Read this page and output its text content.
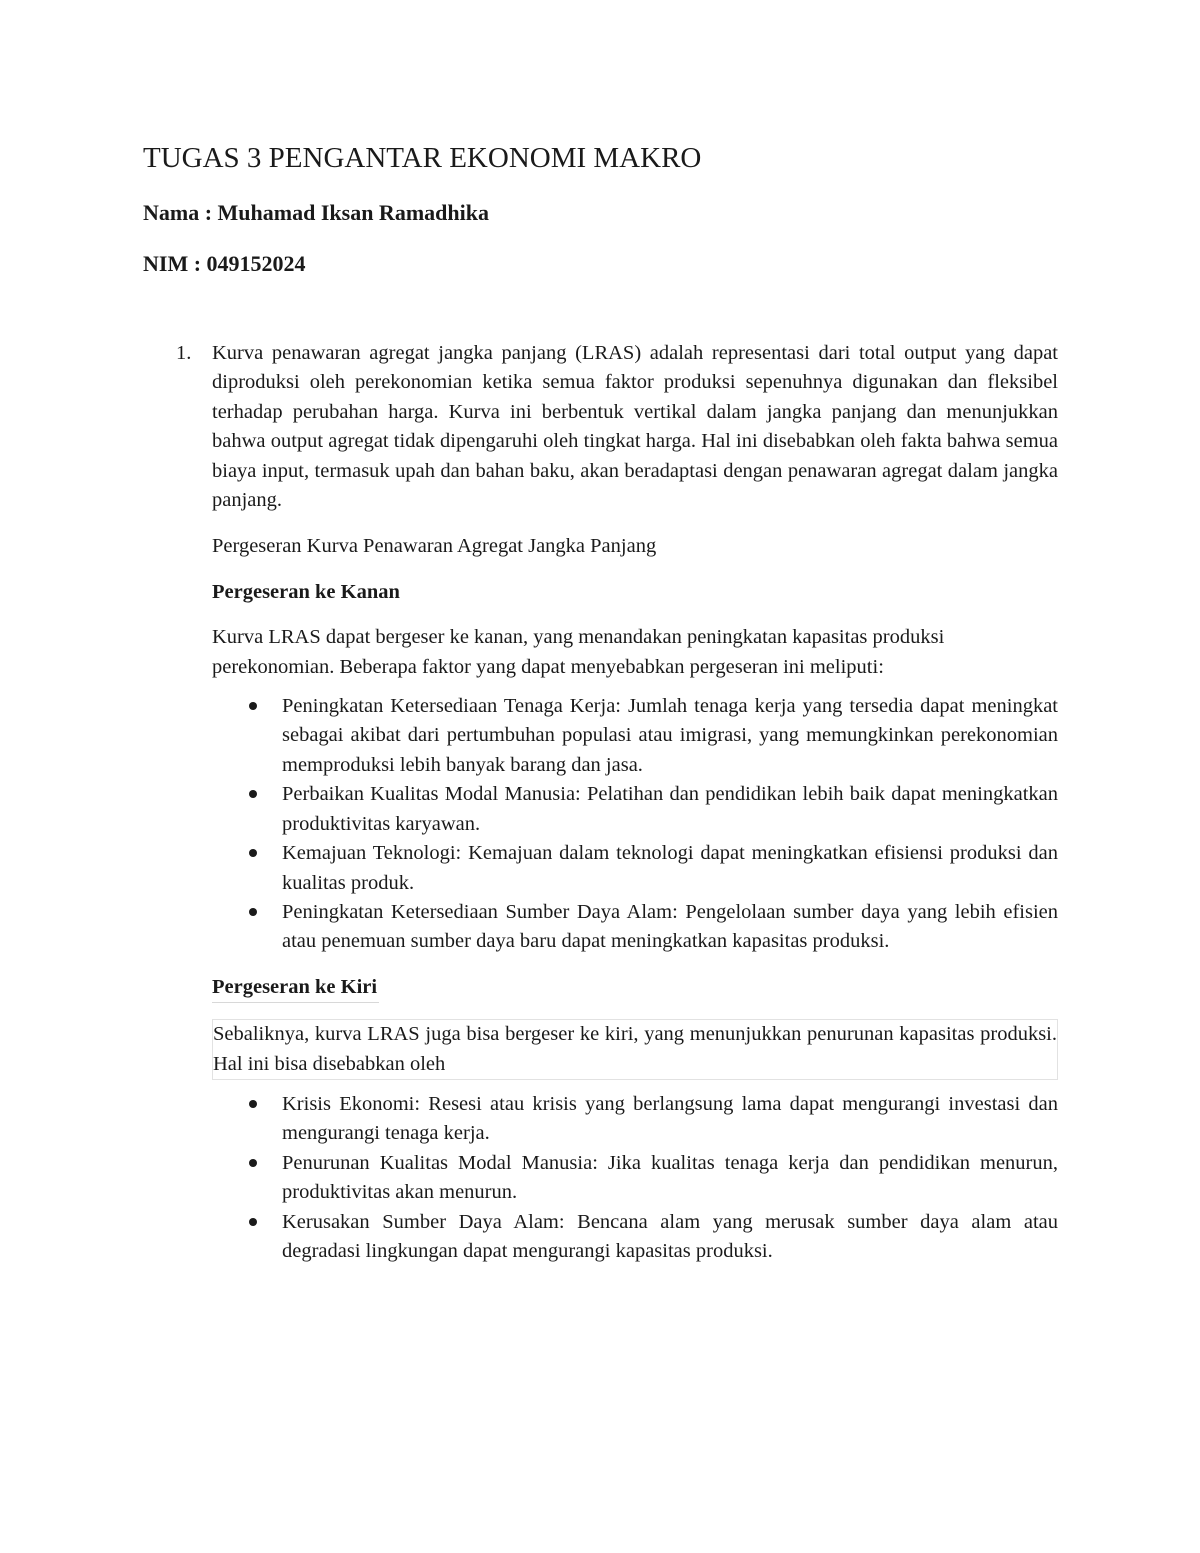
TUGAS 3 PENGANTAR EKONOMI MAKRO

Nama : Muhamad Iksan Ramadhika

NIM : 049152024

1. Kurva penawaran agregat jangka panjang (LRAS) adalah representasi dari total output yang dapat diproduksi oleh perekonomian ketika semua faktor produksi sepenuhnya digunakan dan fleksibel terhadap perubahan harga. Kurva ini berbentuk vertikal dalam jangka panjang dan menunjukkan bahwa output agregat tidak dipengaruhi oleh tingkat harga. Hal ini disebabkan oleh fakta bahwa semua biaya input, termasuk upah dan bahan baku, akan beradaptasi dengan penawaran agregat dalam jangka panjang.

Pergeseran Kurva Penawaran Agregat Jangka Panjang

Pergeseran ke Kanan

Kurva LRAS dapat bergeser ke kanan, yang menandakan peningkatan kapasitas produksi perekonomian. Beberapa faktor yang dapat menyebabkan pergeseran ini meliputi:

Peningkatan Ketersediaan Tenaga Kerja: Jumlah tenaga kerja yang tersedia dapat meningkat sebagai akibat dari pertumbuhan populasi atau imigrasi, yang memungkinkan perekonomian memproduksi lebih banyak barang dan jasa.
Perbaikan Kualitas Modal Manusia: Pelatihan dan pendidikan lebih baik dapat meningkatkan produktivitas karyawan.
Kemajuan Teknologi: Kemajuan dalam teknologi dapat meningkatkan efisiensi produksi dan kualitas produk.
Peningkatan Ketersediaan Sumber Daya Alam: Pengelolaan sumber daya yang lebih efisien atau penemuan sumber daya baru dapat meningkatkan kapasitas produksi.

Pergeseran ke Kiri

Sebaliknya, kurva LRAS juga bisa bergeser ke kiri, yang menunjukkan penurunan kapasitas produksi. Hal ini bisa disebabkan oleh

Krisis Ekonomi: Resesi atau krisis yang berlangsung lama dapat mengurangi investasi dan mengurangi tenaga kerja.
Penurunan Kualitas Modal Manusia: Jika kualitas tenaga kerja dan pendidikan menurun, produktivitas akan menurun.
Kerusakan Sumber Daya Alam: Bencana alam yang merusak sumber daya alam atau degradasi lingkungan dapat mengurangi kapasitas produksi.
